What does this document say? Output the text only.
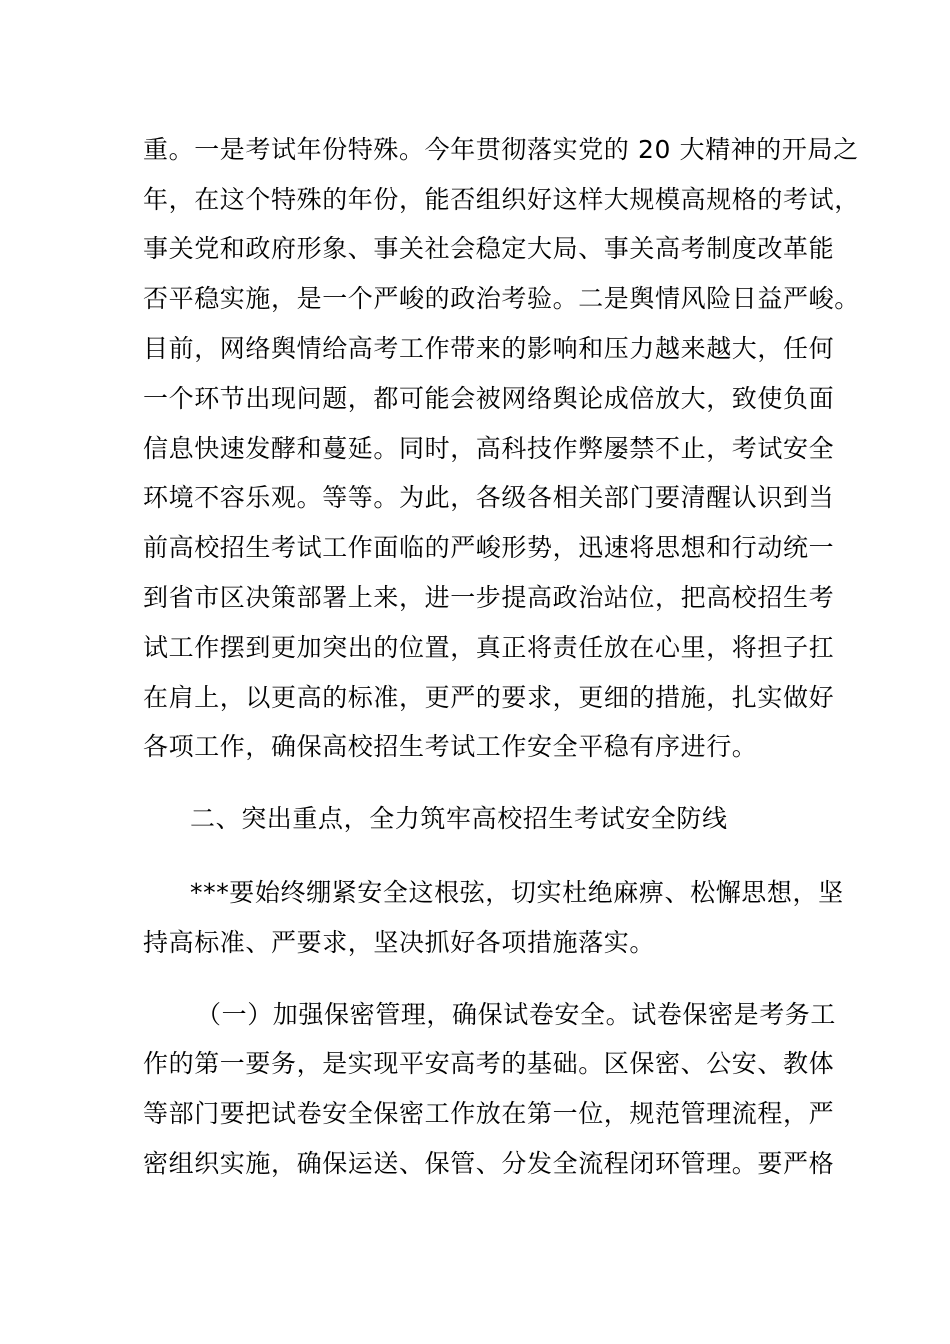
重。一是考试年份特殊。今年贯彻落实党的 20 大精神的开局之
年，在这个特殊的年份，能否组织好这样大规模高规格的考试，
事关党和政府形象、事关社会稳定大局、事关高考制度改革能
否平稳实施，是一个严峻的政治考验。二是舆情风险日益严峻。
目前，网络舆情给高考工作带来的影响和压力越来越大，任何
一个环节出现问题，都可能会被网络舆论成倍放大，致使负面
信息快速发酵和蔓延。同时，高科技作弊屡禁不止，考试安全
环境不容乐观。等等。为此，各级各相关部门要清醒认识到当
前高校招生考试工作面临的严峻形势，迅速将思想和行动统一
到省市区决策部署上来，进一步提高政治站位，把高校招生考
试工作摆到更加突出的位置，真正将责任放在心里，将担子扛
在肩上，以更高的标准，更严的要求，更细的措施，扎实做好
各项工作，确保高校招生考试工作安全平稳有序进行。
二、突出重点，全力筑牢高校招生考试安全防线
***要始终绷紧安全这根弦，切实杜绝麻痹、松懈思想，坚
持高标准、严要求，坚决抓好各项措施落实。
（一）加强保密管理，确保试卷安全。试卷保密是考务工
作的第一要务，是实现平安高考的基础。区保密、公安、教体
等部门要把试卷安全保密工作放在第一位，规范管理流程，严
密组织实施，确保运送、保管、分发全流程闭环管理。要严格
